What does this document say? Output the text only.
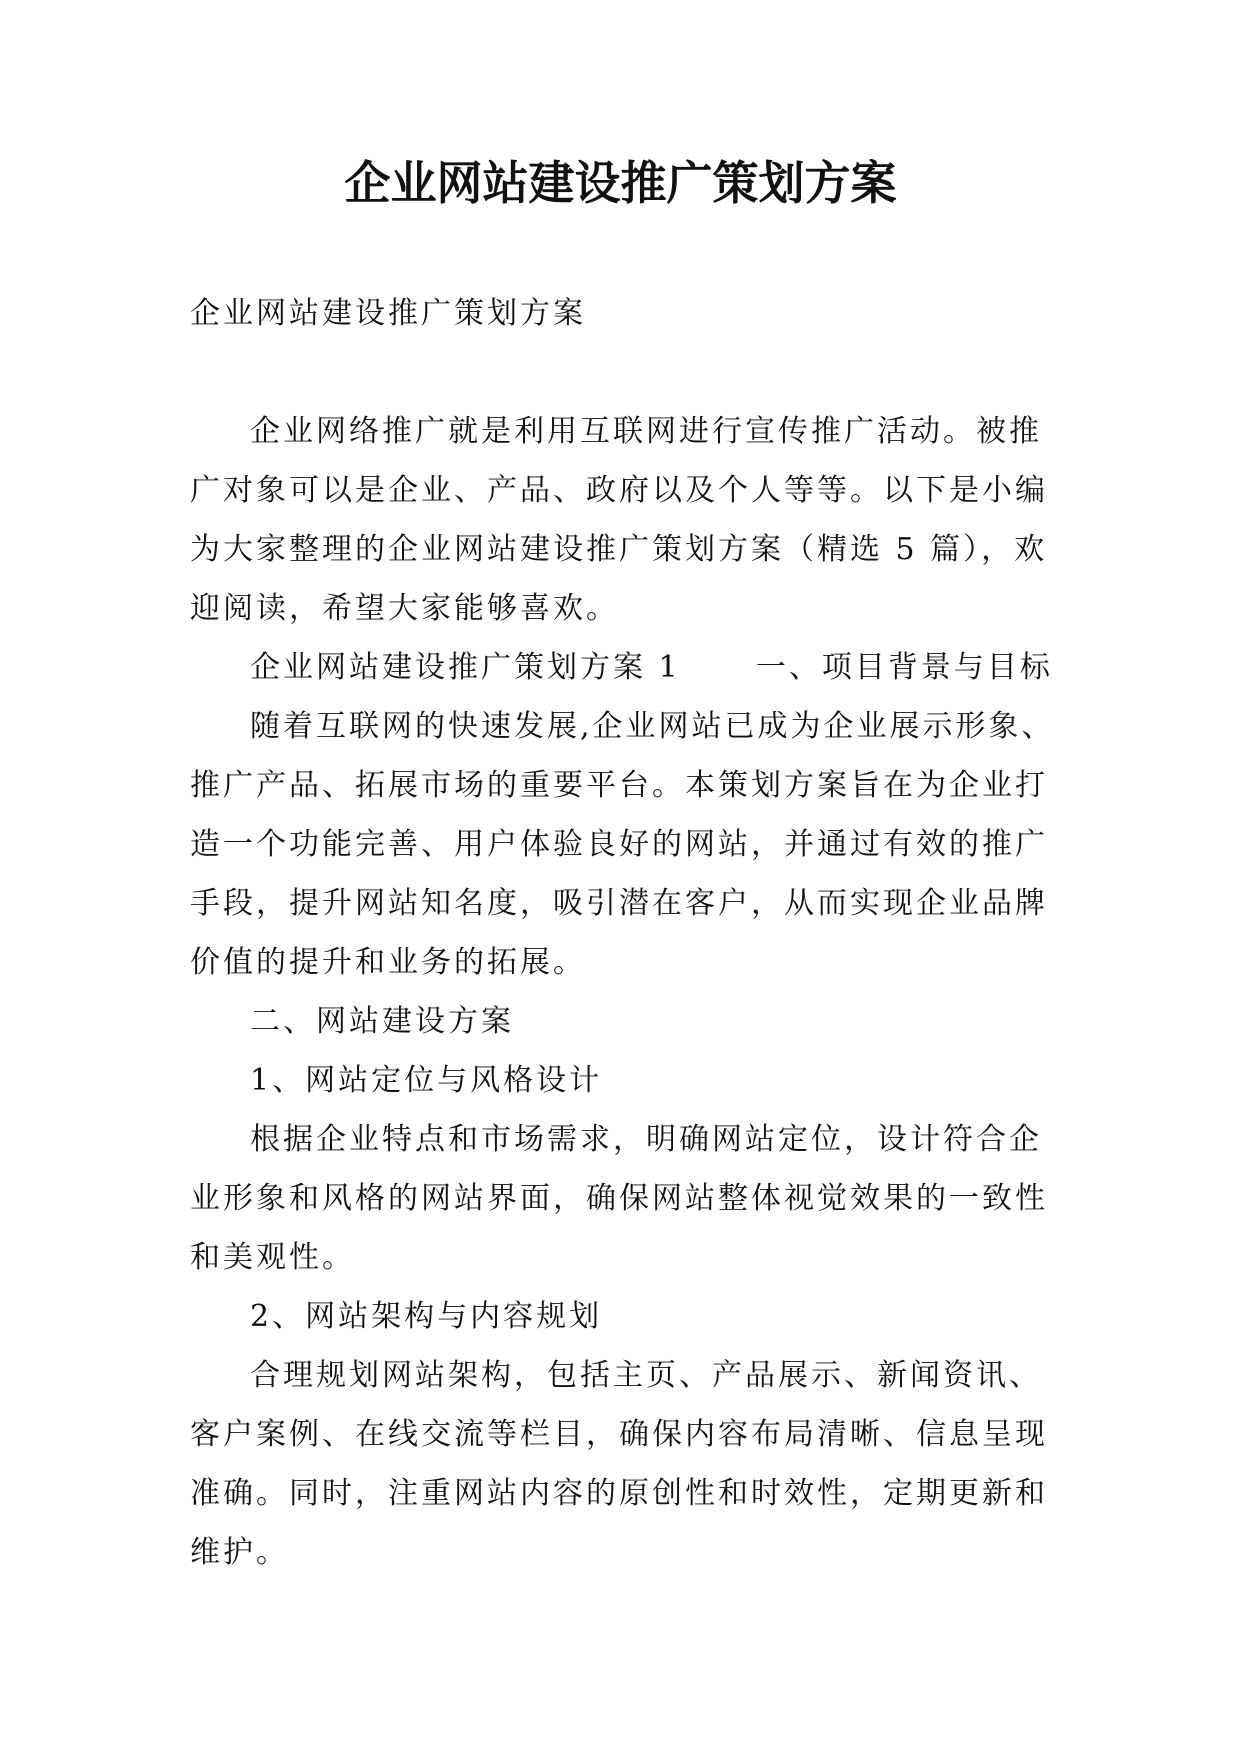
企业网站建设推广策划方案

企业网站建设推广策划方案

企业网络推广就是利用互联网进行宣传推广活动。被推广对象可以是企业、产品、政府以及个人等等。以下是小编为大家整理的企业网站建设推广策划方案（精选 5 篇），欢迎阅读，希望大家能够喜欢。

企业网站建设推广策划方案 1	一、项目背景与目标

随着互联网的快速发展,企业网站已成为企业展示形象、推广产品、拓展市场的重要平台。本策划方案旨在为企业打造一个功能完善、用户体验良好的网站，并通过有效的推广手段，提升网站知名度，吸引潜在客户，从而实现企业品牌价值的提升和业务的拓展。

二、网站建设方案

1、网站定位与风格设计

根据企业特点和市场需求，明确网站定位，设计符合企业形象和风格的网站界面，确保网站整体视觉效果的一致性和美观性。

2、网站架构与内容规划

合理规划网站架构，包括主页、产品展示、新闻资讯、客户案例、在线交流等栏目，确保内容布局清晰、信息呈现准确。同时，注重网站内容的原创性和时效性，定期更新和维护。
